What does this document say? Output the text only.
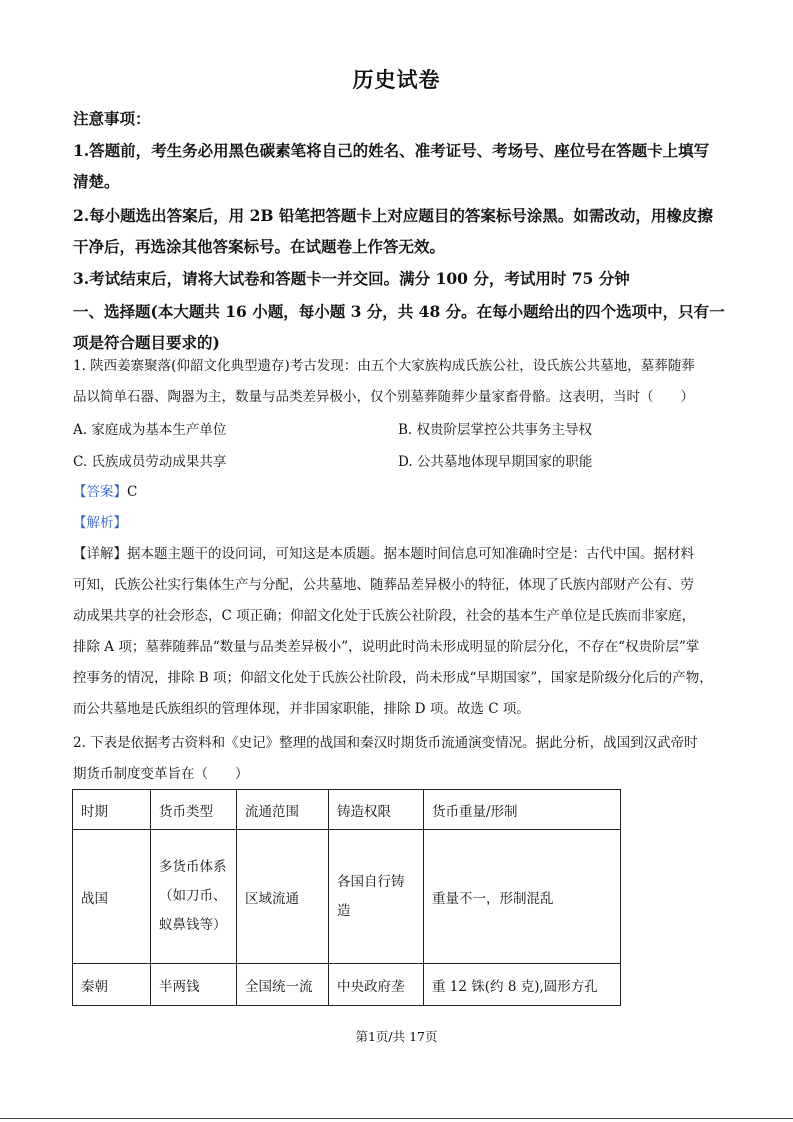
历史试卷

注意事项：

1.答题前，考生务必用黑色碳素笔将自己的姓名、准考证号、考场号、座位号在答题卡上填写

清楚。

2.每小题选出答案后，用 2B 铅笔把答题卡上对应题目的答案标号涂黑。如需改动，用橡皮擦

干净后，再选涂其他答案标号。在试题卷上作答无效。

3.考试结束后，请将大试卷和答题卡一并交回。满分 100 分，考试用时 75 分钟

一、选择题(本大题共 16 小题，每小题 3 分，共 48 分。在每小题给出的四个选项中，只有一

项是符合题目要求的)

1. 陕西姜寨聚落(仰韶文化典型遗存)考古发现：由五个大家族构成氏族公社，设氏族公共墓地，墓葬随葬

品以简单石器、陶器为主，数量与品类差异极小，仅个别墓葬随葬少量家畜骨骼。这表明，当时（　　）

A. 家庭成为基本生产单位	B. 权贵阶层掌控公共事务主导权
C. 氏族成员劳动成果共享	D. 公共墓地体现早期国家的职能

【答案】C

【解析】

【详解】据本题主题干的设问词，可知这是本质题。据本题时间信息可知准确时空是：古代中国。据材料

可知，氏族公社实行集体生产与分配，公共墓地、随葬品差异极小的特征，体现了氏族内部财产公有、劳

动成果共享的社会形态，C 项正确；仰韶文化处于氏族公社阶段，社会的基本生产单位是氏族而非家庭，

排除 A 项；墓葬随葬品“数量与品类差异极小”，说明此时尚未形成明显的阶层分化，不存在“权贵阶层”掌

控事务的情况，排除 B 项；仰韶文化处于氏族公社阶段，尚未形成“早期国家”，国家是阶级分化后的产物，

而公共墓地是氏族组织的管理体现，并非国家职能，排除 D 项。故选 C 项。

2. 下表是依据考古资料和《史记》整理的战国和秦汉时期货币流通演变情况。据此分析，战国到汉武帝时

期货币制度变革旨在（　　）

时期	货币类型	流通范围	铸造权限	货币重量/形制
战国	多货币体系（如刀币、蚁鼻钱等）	区域流通	各国自行铸造	重量不一，形制混乱
秦朝	半两钱	全国统一流	中央政府垄	重 12 铢(约 8 克),圆形方孔
第1页/共 17页
